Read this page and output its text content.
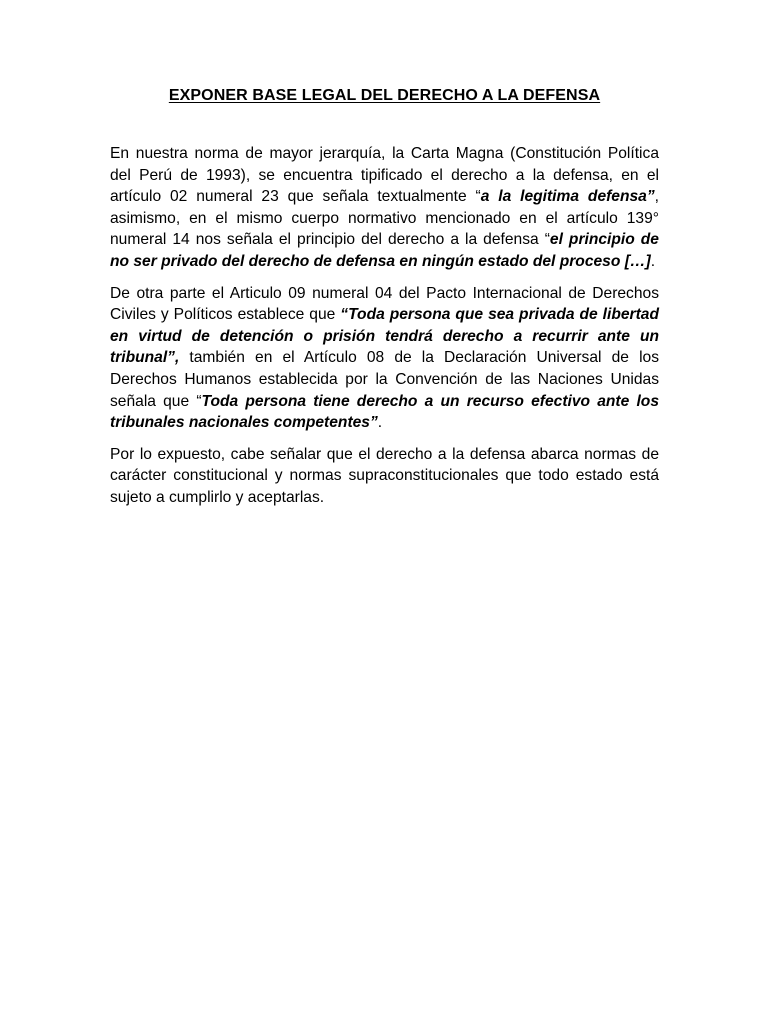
EXPONER BASE LEGAL DEL DERECHO A LA DEFENSA

En nuestra norma de mayor jerarquía, la Carta Magna (Constitución Política del Perú de 1993), se encuentra tipificado el derecho a la defensa, en el artículo 02 numeral 23 que señala textualmente “a la legitima defensa”, asimismo, en el mismo cuerpo normativo mencionado en el artículo 139° numeral 14 nos señala el principio del derecho a la defensa “el principio de no ser privado del derecho de defensa en ningún estado del proceso […].

De otra parte el Articulo 09 numeral 04 del Pacto Internacional de Derechos Civiles y Políticos establece que “Toda persona que sea privada de libertad en virtud de detención o prisión tendrá derecho a recurrir ante un tribunal”, también en el Artículo 08 de la Declaración Universal de los Derechos Humanos establecida por la Convención de las Naciones Unidas señala que “Toda persona tiene derecho a un recurso efectivo ante los tribunales nacionales competentes”.

Por lo expuesto, cabe señalar que el derecho a la defensa abarca normas de carácter constitucional y normas supraconstitucionales que todo estado está sujeto a cumplirlo y aceptarlas.
